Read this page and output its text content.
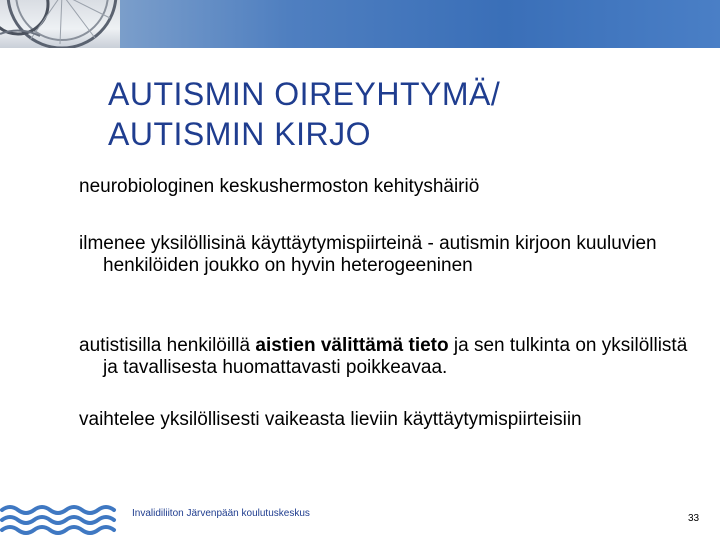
AUTISMIN OIREYHTYMÄ/
AUTISMIN KIRJO
neurobiologinen keskushermoston kehityshäiriö
ilmenee yksilöllisinä käyttäytymispiirteinä - autismin kirjoon kuuluvien henkilöiden joukko on hyvin heterogeeninen
autistisilla henkilöillä aistien välittämä tieto ja sen tulkinta on yksilöllistä ja tavallisesta huomattavasti poikkeavaa.
vaihtelee yksilöllisesti vaikeasta lieviin käyttäytymispiirteisiin
Invalidiliiton Järvenpään koulutuskeskus	33
